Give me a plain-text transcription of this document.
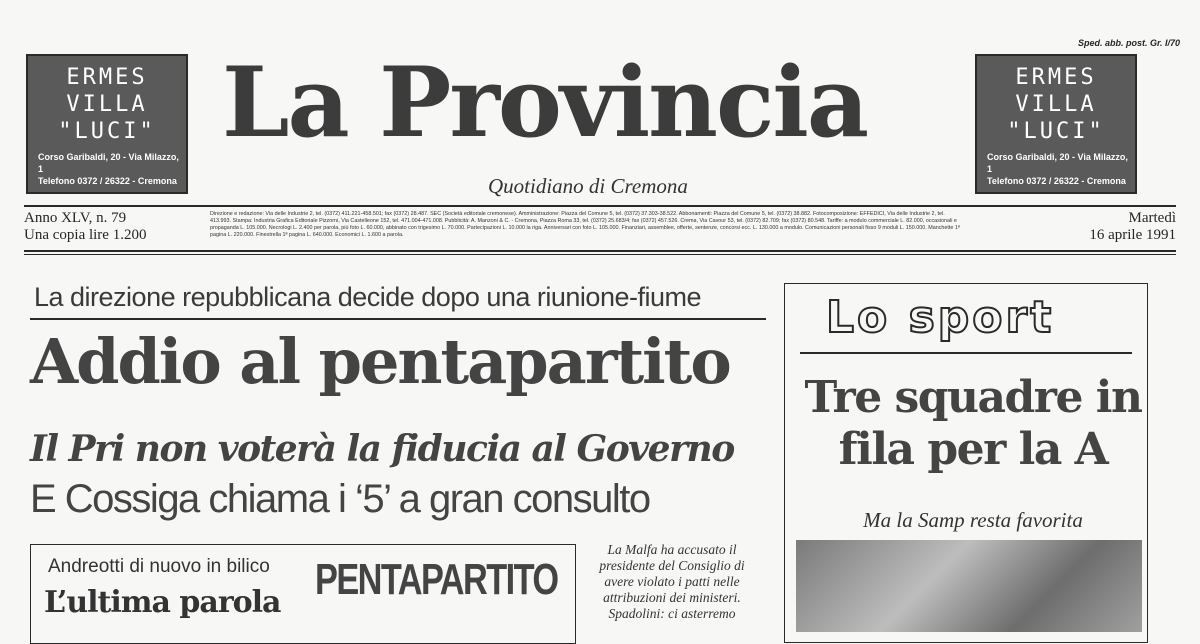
ERMES
VILLA
"LUCI"
Corso Garibaldi, 20 - Via Milazzo, 1
Telefono 0372 / 26322 - Cremona
ERMES
VILLA
"LUCI"
Corso Garibaldi, 20 - Via Milazzo, 1
Telefono 0372 / 26322 - Cremona
Sped. abb. post. Gr. I/70
La Provincia
Quotidiano di Cremona
Anno XLV, n. 79
Una copia lire 1.200
Direzione e redazione: Via delle Industrie 2, tel. (0372) 411.221-458.501; fax (0372) 28.487. SEC (Società editoriale cremonese). Amministrazione: Piazza del Comune 5, tel. (0372) 37.303-38.522. Abbonamenti: Piazza del Comune 5, tel. (0372) 38.882. Fotocomposizione: EFFEDICI, Via delle Industrie 2, tel. 413.993. Stampa: Industria Grafica Editoriale Pizzorni, Via Castelleone 152, tel. 471.004-471.008. Pubblicità: A. Manzoni & C. - Cremona, Piazza Roma 33, tel. (0372) 25.683/4; fax (0372) 457.526. Crema, Via Cavour 53, tel. (0372) 82.709; fax (0372) 80.548. Tariffe: a modulo commerciale L. 82.000, occasionali e propaganda L. 105.000. Necrologi L. 2.400 per parola, più foto L. 60.000, abbinato con trigesimo L. 70.000. Partecipazioni L. 10.000 la riga. Anniversari con foto L. 105.000. Finanziari, assemblee, offerte, sentenze, concorsi ecc. L. 130.000 a modulo. Comunicazioni personali fisso 9 moduli L. 150.000. Manchette 1ª pagina L. 220.000. Finestrella 1ª pagina L. 640.000. Economici L. 1.600 a parola.
Martedì
16 aprile 1991
La direzione repubblicana decide dopo una riunione-fiume
Addio al pentapartito
Il Pri non voterà la fiducia al Governo
E Cossiga chiama i ‘5’ a gran consulto
Andreotti di nuovo in bilico
L’ultima parola PENTAPARTITO
La Malfa ha accusato il presidente del Consiglio di avere violato i patti nelle attribuzioni dei ministeri. Spadolini: ci asterremo
Lo sport
Tre squadre in fila per la A
Ma la Samp resta favorita
